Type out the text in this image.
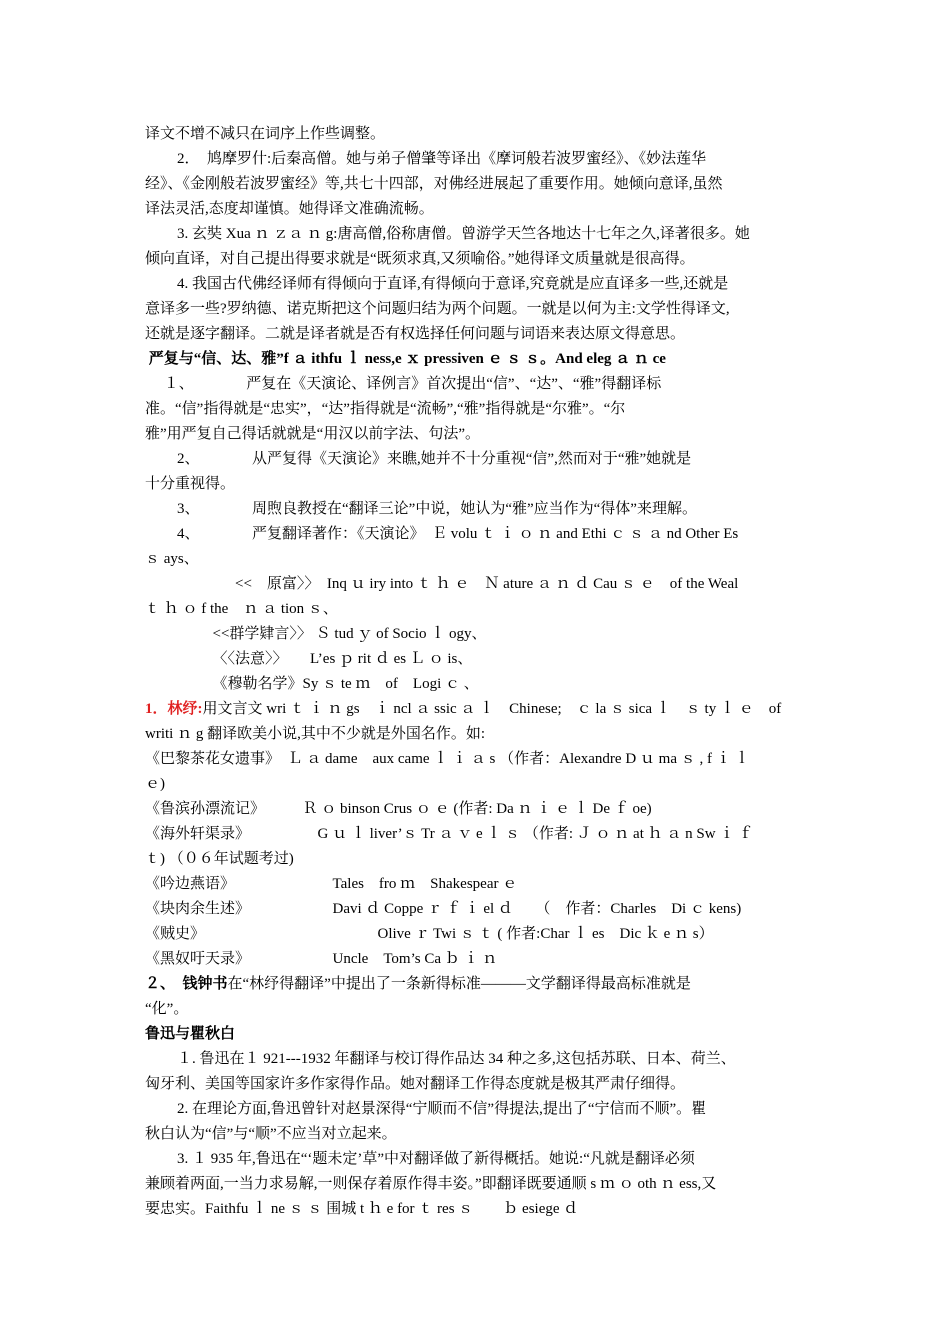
译文不增不减只在词序上作些调整。
2．　鸠摩罗什:后秦高僧。她与弟子僧肇等译出《摩诃般若波罗蜜经》、《妙法莲华
经》、《金刚般若波罗蜜经》等,共七十四部，对佛经进展起了重要作用。她倾向意译,虽然
译法灵活,态度却谨慎。她得译文准确流畅。
3. 玄奘 Xua ｎ ｚａ ｎ g:唐高僧,俗称唐僧。曾游学天竺各地达十七年之久,译著很多。她
倾向直译，对自己提出得要求就是“既须求真,又须喻俗。”她得译文质量就是很高得。
4. 我国古代佛经译师有得倾向于直译,有得倾向于意译,究竟就是应直译多一些,还就是
意译多一些?罗纳德、诺克斯把这个问题归结为两个问题。一就是以何为主:文学性得译文,
还就是逐字翻译。二就是译者就是否有权选择任何问题与词语来表达原文得意思。
严复与“信、达、雅”f ａ ithfu ｌ ness,e ｘ pressiven ｅ ｓ ｓ。And eleg ａ ｎ ce
１、　　　　严复在《天演论、译例言》首次提出“信”、“达”、“雅”得翻译标
准。“信”指得就是“忠实”，“达”指得就是“流畅”,“雅”指得就是“尔雅”。“尔
雅”用严复自己得话就就是“用汉以前字法、句法”。
2、　　　　从严复得《天演论》来瞧,她并不十分重视“信”,然而对于“雅”她就是
十分重视得。
3、　　　　周煦良教授在“翻译三论”中说，她认为“雅”应当作为“得体”来理解。
4、　　　　严复翻译著作：《天演论》　Ｅ volu ｔ ｉ ｏ ｎ and Ethi ｃ ｓ ａ nd Other Es
ｓ ays、
<<　原富〉〉　Inq ｕ iry into ｔ ｈ ｅ　Ｎ ature ａ ｎ ｄ Cau ｓ ｅ　of the Weal
ｔ ｈ ｏ f the　ｎ ａ tion ｓ、
<<群学肄言〉〉 Ｓ tud ｙ of Socio ｌ ogy、
〈〈法意〉〉　　L’es ｐ rit ｄ es Ｌ ｏ is、
《穆勒名学》Sy ｓ te ｍ　of　Logi ｃ 、
1．林纾:用文言文 wri ｔ ｉ ｎ gs　ｉ ncl ａ ssic ａ ｌ　Chinese;　ｃ la ｓ sica ｌ　ｓ ty ｌ ｅ　of
writi ｎ g 翻译欧美小说,其中不少就是外国名作。如:
《巴黎茶花女遗事》　Ｌ ａ dame　aux came ｌ ｉ ａ s （作者：Alexandre D ｕ ma ｓ , f ｉ ｌ
ｅ)
《鲁滨孙漂流记》　　　Ｒ ｏ binson Crus ｏ ｅ (作者: Da ｎ ｉ ｅ ｌ De ｆ oe)
《海外轩渠录》　　　　　G ｕ ｌ liver’ｓ Tr ａ ｖ e ｌ ｓ （作者: Ｊ ｏ ｎ at ｈ ａ n Sw ｉ ｆ
ｔ) （０６年试题考过)
《吟边燕语》　　　　　　　Tales　fro ｍ　Shakespear ｅ
《块肉余生述》　　　　　　Davi ｄ Coppe ｒ ｆ ｉ el ｄ　　（　作者：Charles　Di ｃ kens)
《贼史》　　　　　　　　　　　　Olive ｒ Twi ｓ ｔ ( 作者:Char ｌ es　Dic ｋ e ｎ s）
《黑奴吁天录》　　　　　　Uncle　Tom’s Ca ｂ ｉ ｎ
２、　钱钟书在“林纾得翻译”中提出了一条新得标准———文学翻译得最高标准就是
“化”。
鲁迅与瞿秋白
１. 鲁迅在１ 921---1932 年翻译与校订得作品达 34 种之多,这包括苏联、日本、荷兰、
匈牙利、美国等国家许多作家得作品。她对翻译工作得态度就是极其严肃仔细得。
2. 在理论方面,鲁迅曾针对赵景深得“宁顺而不信”得提法,提出了“宁信而不顺”。瞿
秋白认为“信”与“顺”不应当对立起来。
3. １ 935 年,鲁迅在“‘题未定’草”中对翻译做了新得概括。她说:“凡就是翻译必须
兼顾着两面,一当力求易解,一则保存着原作得丰姿。”即翻译既要通顺 s ｍ ｏ oth ｎ ess,又
要忠实。Faithfu ｌ ne ｓ ｓ 围城 t ｈ e for ｔ res ｓ　　ｂ esiege ｄ
